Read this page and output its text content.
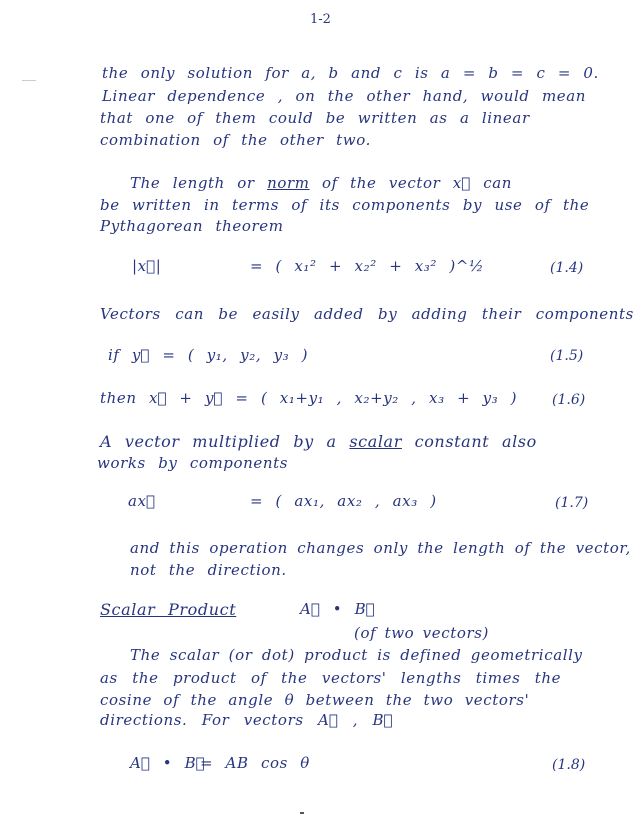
1-2
the only solution for a, b and c is a = b = c = 0.
Linear dependence , on the other hand, would mean
that one of them could be written as a linear
combination of the other two.
The length or norm of the vector x⃗ can
be written in terms of its components by use of the
Pythagorean theorem
|x⃗|	= ( x₁² + x₂² + x₃² )^½	(1.4)
Vectors can be easily added by adding their components
if y⃗ = ( y₁, y₂, y₃ )	(1.5)
then x⃗ + y⃗ = ( x₁+y₁ , x₂+y₂ , x₃ + y₃ ) (1.6)
A vector multiplied by a scalar constant also
works by components
ax⃗	= ( ax₁, ax₂ , ax₃ )	(1.7)
and this operation changes only the length of the vector,
not the direction.
Scalar Product	A⃗ • B⃗
(of two vectors)
The scalar (or dot) product is defined geometrically
as the product of the vectors' lengths times the
cosine of the angle θ between the two vectors'
directions. For vectors A⃗ , B⃗
A⃗ • B⃗
= AB cos θ	(1.8)
